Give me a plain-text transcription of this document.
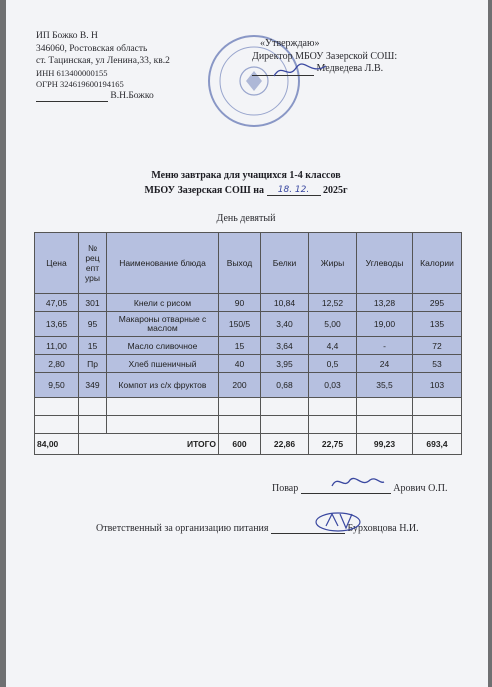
ИП Божко В. Н
346060, Ростовская область
ст. Тацинская, ул Ленина,33, кв.2
ИНН 613400000155
ОГРН 324619600194165
В.Н.Божко
«Утверждаю»
Директор МБОУ Зазерской СОШ:
Медведева Л.В.
Меню завтрака для учащихся 1-4 классов
МБОУ Зазерская СОШ на 18. 12. 2025г
День девятый
Цена	№ рец епт уры	Наименование блюда	Выход	Белки	Жиры	Углеводы	Калории
47,05	301	Кнели с рисом	90	10,84	12,52	13,28	295
13,65	95	Макароны отварные с маслом	150/5	3,40	5,00	19,00	135
11,00	15	Масло сливочное	15	3,64	4,4	-	72
2,80	Пр	Хлеб пшеничный	40	3,95	0,5	24	53
9,50	349	Компот из с/х фруктов	200	0,68	0,03	35,5	103

84,00	ИТОГО		600	22,86	22,75	99,23	693,4
Повар	Арович О.П.
Ответственный за организацию питания	Бурховцова Н.И.
